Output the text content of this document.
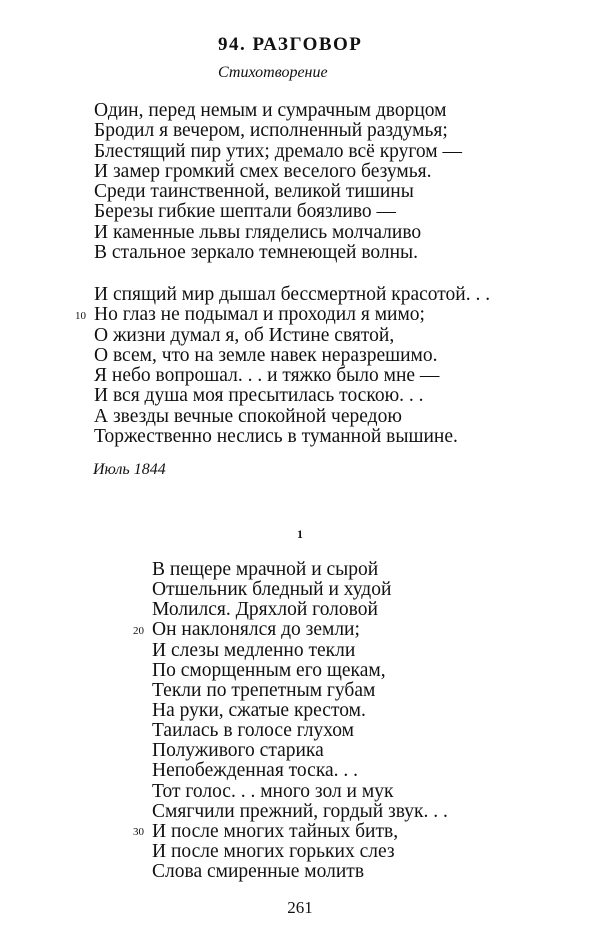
94. РАЗГОВОР
Стихотворение
Один, перед немым и сумрачным дворцом
Бродил я вечером, исполненный раздумья;
Блестящий пир утих; дремало всё кругом —
И замер громкий смех веселого безумья.
Среди таинственной, великой тишины
Березы гибкие шептали боязливо —
И каменные львы гляделись молчаливо
В стальное зеркало темнеющей волны.
И спящий мир дышал бессмертной красотой. . .
Но глаз не подымал и проходил я мимо;
О жизни думал я, об Истине святой,
О всем, что на земле навек неразрешимо.
Я небо вопрошал. . . и тяжко было мне —
И вся душа моя пресытилась тоскою. . .
А звезды вечные спокойной чередою
Торжественно неслись в туманной вышине.
10
Июль 1844
1
В пещере мрачной и сырой
Отшельник бледный и худой
Молился. Дряхлой головой
Он наклонялся до земли;
И слезы медленно текли
По сморщенным его щекам,
Текли по трепетным губам
На руки, сжатые крестом.
Таилась в голосе глухом
Полуживого старика
Непобежденная тоска. . .
Тот голос. . . много зол и мук
Смягчили прежний, гордый звук. . .
И после многих тайных битв,
И после многих горьких слез
Слова смиренные молитв
20
30
261
